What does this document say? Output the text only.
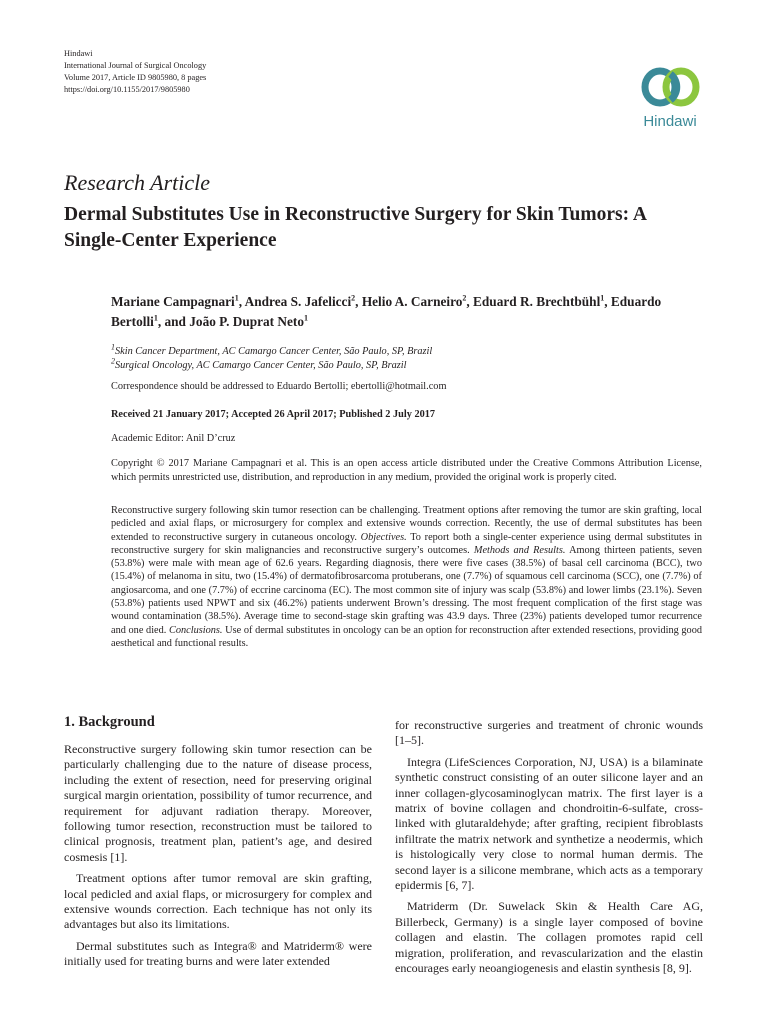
Hindawi
International Journal of Surgical Oncology
Volume 2017, Article ID 9805980, 8 pages
https://doi.org/10.1155/2017/9805980
Hindawi
Research Article
Dermal Substitutes Use in Reconstructive Surgery for Skin Tumors: A Single-Center Experience
Mariane Campagnari$^1$, Andrea S. Jafelicci$^2$, Helio A. Carneiro$^2$, Eduard R. Brechtbühl$^1$, Eduardo Bertolli$^1$, and João P. Duprat Neto$^1$
$^1$Skin Cancer Department, AC Camargo Cancer Center, São Paulo, SP, Brazil
$^2$Surgical Oncology, AC Camargo Cancer Center, São Paulo, SP, Brazil
Correspondence should be addressed to Eduardo Bertolli; ebertolli@hotmail.com
Received 21 January 2017; Accepted 26 April 2017; Published 2 July 2017
Academic Editor: Anil D’cruz
Copyright © 2017 Mariane Campagnari et al. This is an open access article distributed under the Creative Commons Attribution License, which permits unrestricted use, distribution, and reproduction in any medium, provided the original work is properly cited.
Reconstructive surgery following skin tumor resection can be challenging. Treatment options after removing the tumor are skin grafting, local pedicled and axial flaps, or microsurgery for complex and extensive wounds correction. Recently, the use of dermal substitutes has been extended to reconstructive surgery in cutaneous oncology. Objectives. To report both a single-center experience using dermal substitutes in reconstructive surgery for skin malignancies and reconstructive surgery’s outcomes. Methods and Results. Among thirteen patients, seven (53.8%) were male with mean age of 62.6 years. Regarding diagnosis, there were five cases (38.5%) of basal cell carcinoma (BCC), two (15.4%) of melanoma in situ, two (15.4%) of dermatofibrosarcoma protuberans, one (7.7%) of squamous cell carcinoma (SCC), one (7.7%) of angiosarcoma, and one (7.7%) of eccrine carcinoma (EC). The most common site of injury was scalp (53.8%) and lower limbs (23.1%). Seven (53.8%) patients used NPWT and six (46.2%) patients underwent Brown’s dressing. The most frequent complication of the first stage was wound contamination (38.5%). Average time to second-stage skin grafting was 43.9 days. Three (23%) patients developed tumor recurrence and one died. Conclusions. Use of dermal substitutes in oncology can be an option for reconstruction after extended resections, providing good aesthetical and functional results.
1. Background

Reconstructive surgery following skin tumor resection can be particularly challenging due to the nature of disease process, including the extent of resection, need for preserving original surgical margin orientation, possibility of tumor recurrence, and requirement for adjuvant radiation therapy. Moreover, following tumor resection, reconstruction must be tailored to clinical prognosis, treatment plan, patient’s age, and desired cosmesis [1].

Treatment options after tumor removal are skin grafting, local pedicled and axial flaps, or microsurgery for complex and extensive wounds correction. Each technique has not only its advantages but also its limitations.

Dermal substitutes such as Integra® and Matriderm® were initially used for treating burns and were later extended

for reconstructive surgeries and treatment of chronic wounds [1–5].

Integra (LifeSciences Corporation, NJ, USA) is a bilaminate synthetic construct consisting of an outer silicone layer and an inner collagen-glycosaminoglycan matrix. The first layer is a matrix of bovine collagen and chondroitin-6-sulfate, cross-linked with glutaraldehyde; after grafting, recipient fibroblasts infiltrate the matrix network and synthetize a neodermis, which is histologically very close to normal human dermis. The second layer is a silicone membrane, which acts as a temporary epidermis [6, 7].

Matriderm (Dr. Suwelack Skin & Health Care AG, Billerbeck, Germany) is a single layer composed of bovine collagen and elastin. The collagen promotes rapid cell migration, proliferation, and revascularization and the elastin encourages early neoangiogenesis and elastin synthesis [8, 9].
